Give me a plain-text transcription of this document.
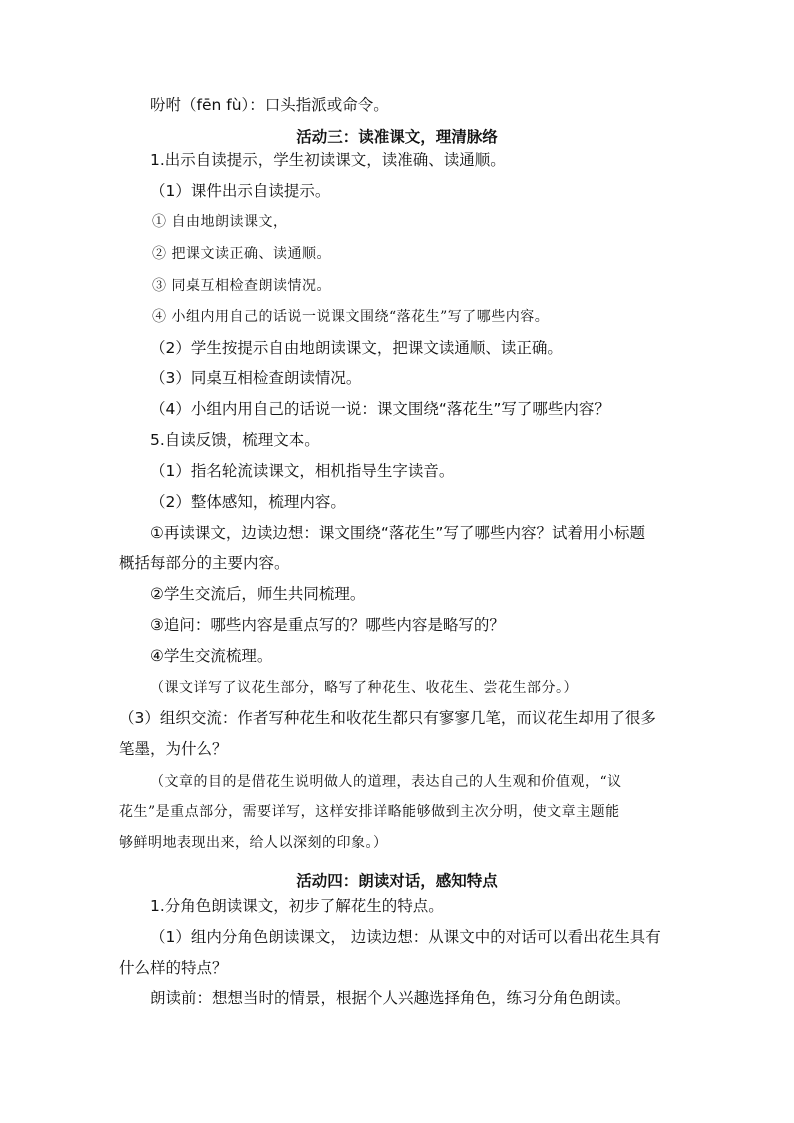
吩咐（fēn fù）：口头指派或命令。
活动三：读准课文，理清脉络
1.出示自读提示，学生初读课文，读准确、读通顺。
（1）课件出示自读提示。
① 自由地朗读课文，
② 把课文读正确、读通顺。
③ 同桌互相检查朗读情况。
④ 小组内用自己的话说一说课文围绕“落花生”写了哪些内容。
（2）学生按提示自由地朗读课文，把课文读通顺、读正确。
（3）同桌互相检查朗读情况。
（4）小组内用自己的话说一说：课文围绕“落花生”写了哪些内容？
5.自读反馈，梳理文本。
（1）指名轮流读课文，相机指导生字读音。
（2）整体感知，梳理内容。
①再读课文，边读边想：课文围绕“落花生”写了哪些内容？试着用小标题
概括每部分的主要内容。
②学生交流后，师生共同梳理。
③追问：哪些内容是重点写的？哪些内容是略写的？
④学生交流梳理。
（课文详写了议花生部分，略写了种花生、收花生、尝花生部分。）
（3）组织交流：作者写种花生和收花生都只有寥寥几笔，而议花生却用了很多
笔墨，为什么？
（文章的目的是借花生说明做人的道理，表达自己的人生观和价值观，“议
花生”是重点部分，需要详写，这样安排详略能够做到主次分明，使文章主题能
够鲜明地表现出来，给人以深刻的印象。）
活动四：朗读对话，感知特点
1.分角色朗读课文，初步了解花生的特点。
（1）组内分角色朗读课文， 边读边想：从课文中的对话可以看出花生具有
什么样的特点？
朗读前：想想当时的情景，根据个人兴趣选择角色，练习分角色朗读。
